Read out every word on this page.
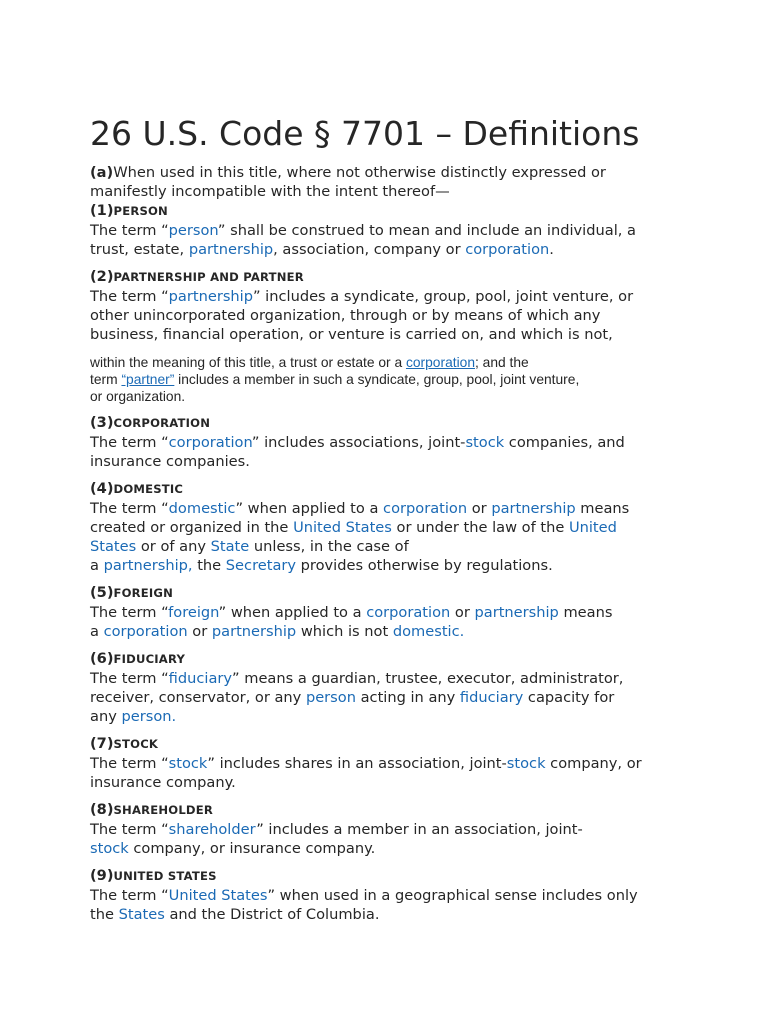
26 U.S. Code § 7701 – Definitions

(a)When used in this title, where not otherwise distinctly expressed or

manifestly incompatible with the intent thereof—

(1)PERSON

The term “person” shall be construed to mean and include an individual, a

trust, estate, partnership, association, company or corporation.

(2)PARTNERSHIP AND PARTNER

The term “partnership” includes a syndicate, group, pool, joint venture, or

other unincorporated organization, through or by means of which any

business, financial operation, or venture is carried on, and which is not,

within the meaning of this title, a trust or estate or a corporation; and the
term “partner” includes a member in such a syndicate, group, pool, joint venture,
or organization.

(3)CORPORATION

The term “corporation” includes associations, joint-stock companies, and

insurance companies.

(4)DOMESTIC

The term “domestic” when applied to a corporation or partnership means

created or organized in the United States or under the law of the United

States or of any State unless, in the case of

a partnership, the Secretary provides otherwise by regulations.

(5)FOREIGN

The term “foreign” when applied to a corporation or partnership means

a corporation or partnership which is not domestic.

(6)FIDUCIARY

The term “fiduciary” means a guardian, trustee, executor, administrator,

receiver, conservator, or any person acting in any fiduciary capacity for

any person.

(7)STOCK

The term “stock” includes shares in an association, joint-stock company, or

insurance company.

(8)SHAREHOLDER

The term “shareholder” includes a member in an association, joint-

stock company, or insurance company.

(9)UNITED STATES

The term “United States” when used in a geographical sense includes only

the States and the District of Columbia.
